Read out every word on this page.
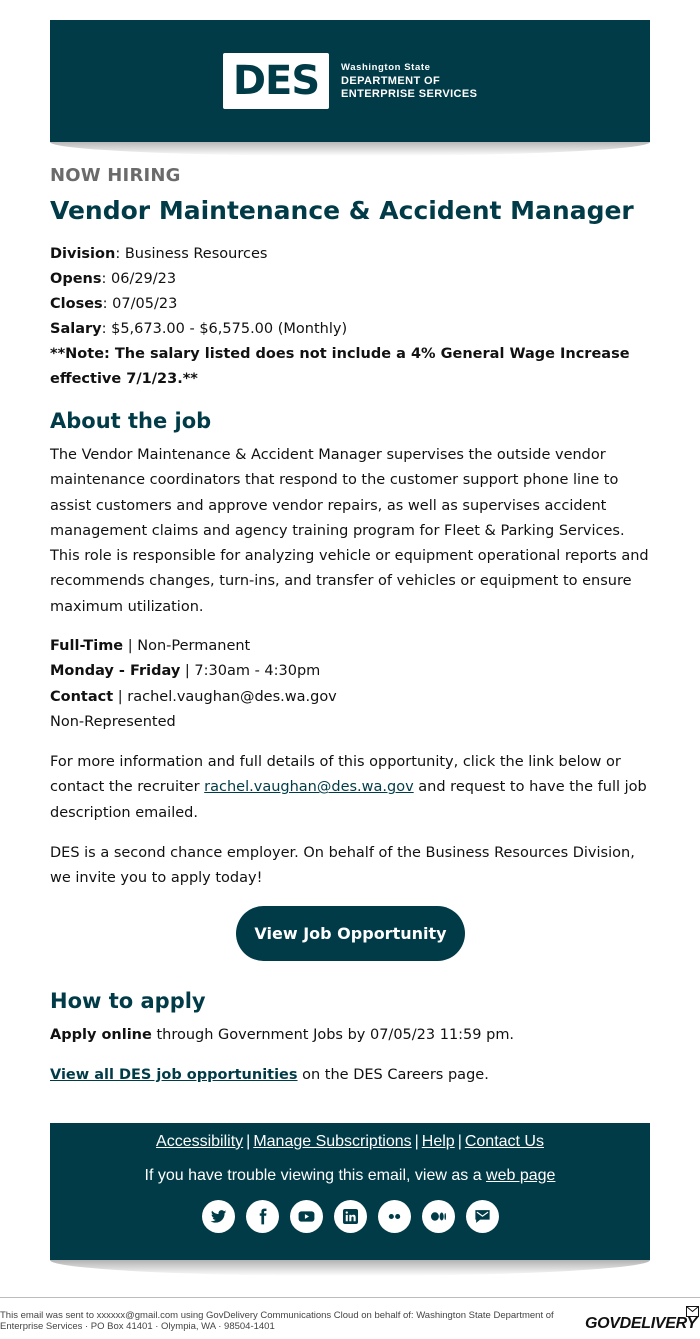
DES Washington State
DEPARTMENT OF
ENTERPRISE SERVICES
NOW HIRING
Vendor Maintenance & Accident Manager
Division: Business Resources
Opens: 06/29/23
Closes: 07/05/23
Salary: $5,673.00 - $6,575.00 (Monthly)
**Note: The salary listed does not include a 4% General Wage Increase effective 7/1/23.**
About the job

The Vendor Maintenance & Accident Manager supervises the outside vendor maintenance coordinators that respond to the customer support phone line to assist customers and approve vendor repairs, as well as supervises accident management claims and agency training program for Fleet & Parking Services. This role is responsible for analyzing vehicle or equipment operational reports and recommends changes, turn-ins, and transfer of vehicles or equipment to ensure maximum utilization.

Full-Time | Non-Permanent
Monday - Friday | 7:30am - 4:30pm
Contact | rachel.vaughan@des.wa.gov
Non-Represented

For more information and full details of this opportunity, click the link below or contact the recruiter rachel.vaughan@des.wa.gov and request to have the full job description emailed.

DES is a second chance employer. On behalf of the Business Resources Division, we invite you to apply today!

View Job Opportunity
How to apply

Apply online through Government Jobs by 07/05/23 11:59 pm.

View all DES job opportunities on the DES Careers page.

Accessibility | Manage Subscriptions | Help | Contact Us
If you have trouble viewing this email, view as a web page
This email was sent to xxxxxx@gmail.com using GovDelivery Communications Cloud on behalf of: Washington State Department of Enterprise Services · PO Box 41401 · Olympia, WA · 98504-1401	GOVDELIVERY
